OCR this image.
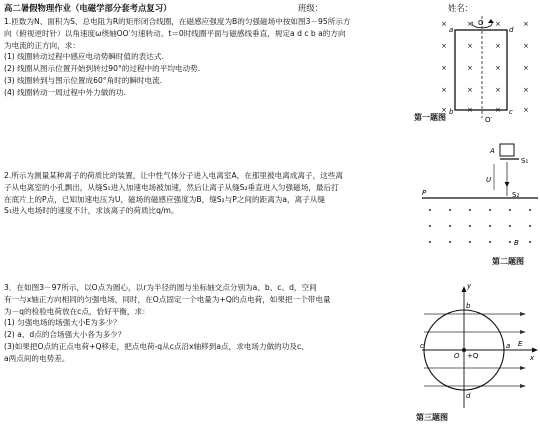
高二暑假物理作业（电磁学部分套考点复习）	班级：	姓名：
1.匝数为N、面积为S、总电阻为R的矩形闭合线圈，在磁感应强度为B的匀强磁场中按如图3－95所示方
向（俯视逆时针）以角速度ω绕轴OO′匀速转动。t＝0时线圈平面与磁感线垂直，规定a d c b a的方向
为电流的正方向，求：
(1) 线圈转动过程中感应电动势瞬时值的表达式.
(2) 线圈从图示位置开始到转过90°的过程中的平均电动势.
(3) 线圈转到与图示位置成60°角时的瞬时电流.
(4) 线圈转动一周过程中外力做的功.
×
×
×
×
×
×
×
×
×
×
×
×
×
×
×
×
×
×
×
×
O
O′
a
b	c
d
第一题图
2.所示为测量某种离子的荷质比的装置，让中性气体分子进入电离室A，在那里被电离成离子，这些离
子从电离室的小孔飘出，从缝S₁进入加速电场被加速，然后让离子从缝S₂垂直进入匀强磁场，最后打
在底片上的P点，已知加速电压为U，磁场的磁感应强度为B，缝S₂与P之间的距离为a，离子从缝
S₁进入电场时的速度不计，求该离子的荷质比q/m。
A
S₁
U
P	S₂
B
第二题图
3．在如图3－97所示，以O点为圆心，以r为半径的圆与坐标轴交点分别为a、b、c、d，空间
有一与x轴正方向相同的匀强电场，同时，在O点固定一个电量为+Q的点电荷，如果把一个带电量
为－q的检验电荷放在c点，恰好平衡，求：
(1) 匀强电场的场强大小E为多少？
(2) a、d点的合场强大小各为多少？
(3)如果把O点的正点电荷+Q移走，把点电荷-q从c点沿x轴移到a点，求电场力做的功及c、
a两点间的电势差。
y
x
E
O +Q
a
b
c
d
第三题图
